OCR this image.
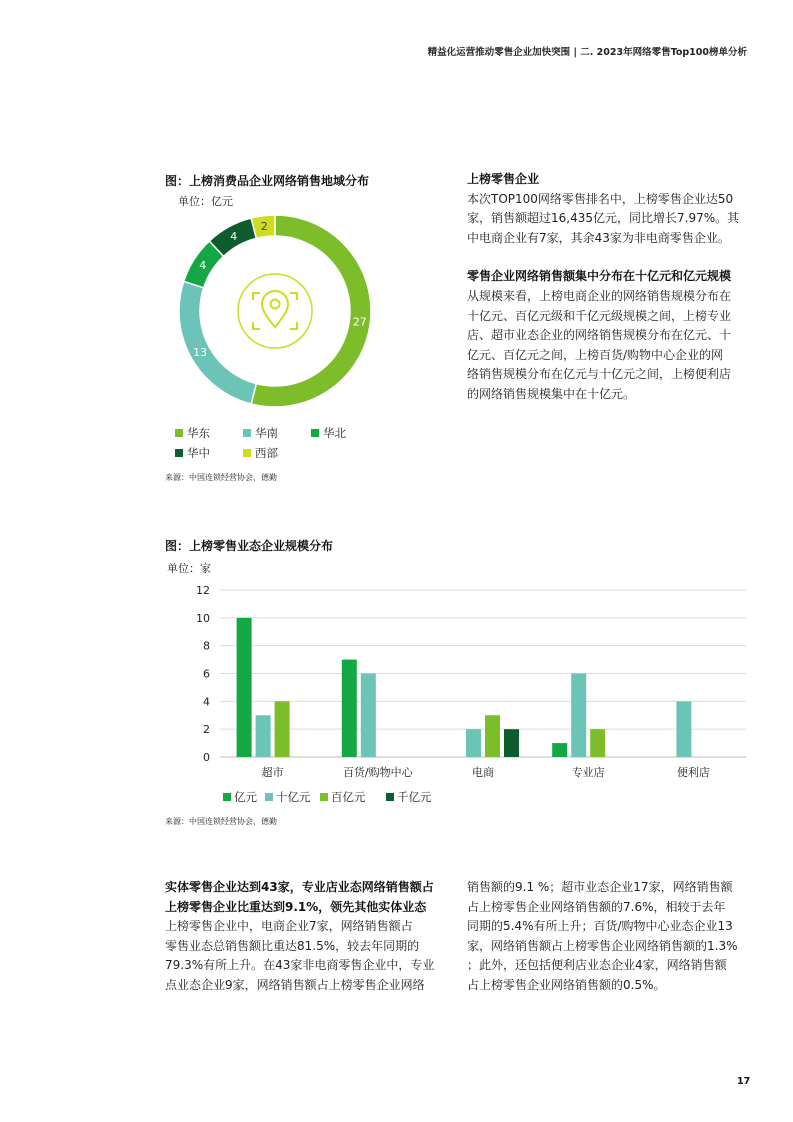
精益化运营推动零售企业加快突围 | 二. 2023年网络零售Top100榜单分析
图：上榜消费品企业网络销售地域分布
单位：亿元
27
13
4
4
2
华东	华南	华北
华中	西部
来源：中国连锁经营协会，德勤
上榜零售企业
本次TOP100网络零售排名中，上榜零售企业达50
家，销售额超过16,435亿元，同比增长7.97%。其
中电商企业有7家，其余43家为非电商零售企业。
零售企业网络销售额集中分布在十亿元和亿元规模
从规模来看，上榜电商企业的网络销售规模分布在
十亿元、百亿元级和千亿元级规模之间，上榜专业
店、超市业态企业的网络销售规模分布在亿元、十
亿元、百亿元之间，上榜百货/购物中心企业的网
络销售规模分布在亿元与十亿元之间，上榜便利店
的网络销售规模集中在十亿元。
图：上榜零售业态企业规模分布
单位：家
0
2
4
6
8
10
12
超市	百货/购物中心	电商	专业店	便利店
亿元 十亿元 百亿元	千亿元
来源：中国连锁经营协会，德勤
实体零售企业达到43家，专业店业态网络销售额占
上榜零售企业比重达到9.1%，领先其他实体业态
上榜零售企业中，电商企业7家，网络销售额占
零售业态总销售额比重达81.5%，较去年同期的
79.3%有所上升。在43家非电商零售企业中，专业
点业态企业9家，网络销售额占上榜零售企业网络
销售额的9.1 %；超市业态企业17家，网络销售额
占上榜零售企业网络销售额的7.6%，相较于去年
同期的5.4%有所上升；百货/购物中心业态企业13
家，网络销售额占上榜零售企业网络销售额的1.3%
；此外，还包括便利店业态企业4家，网络销售额
占上榜零售企业网络销售额的0.5%。
17
